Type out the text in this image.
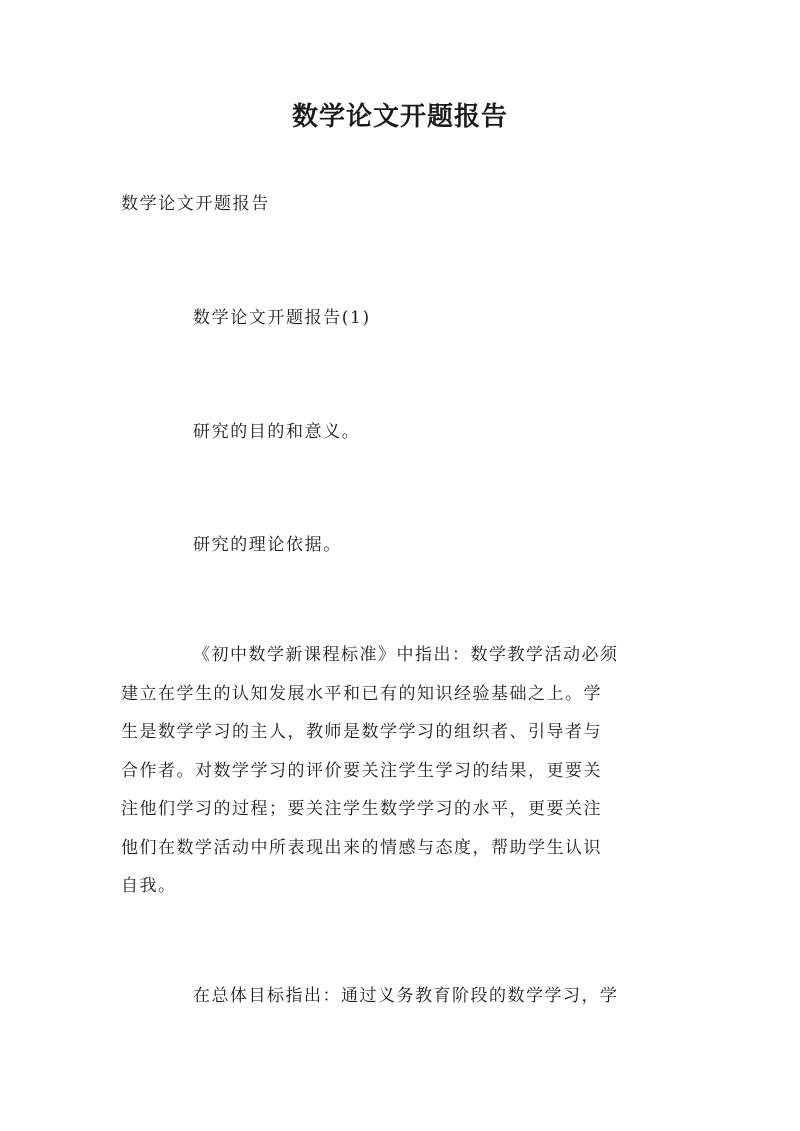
数学论文开题报告

数学论文开题报告

数学论文开题报告(1)

研究的目的和意义。

研究的理论依据。

《初中数学新课程标准》中指出：数学教学活动必须
建立在学生的认知发展水平和已有的知识经验基础之上。学
生是数学学习的主人，教师是数学学习的组织者、引导者与
合作者。对数学学习的评价要关注学生学习的结果，更要关
注他们学习的过程；要关注学生数学学习的水平，更要关注
他们在数学活动中所表现出来的情感与态度，帮助学生认识
自我。
在总体目标指出：通过义务教育阶段的数学学习，学
